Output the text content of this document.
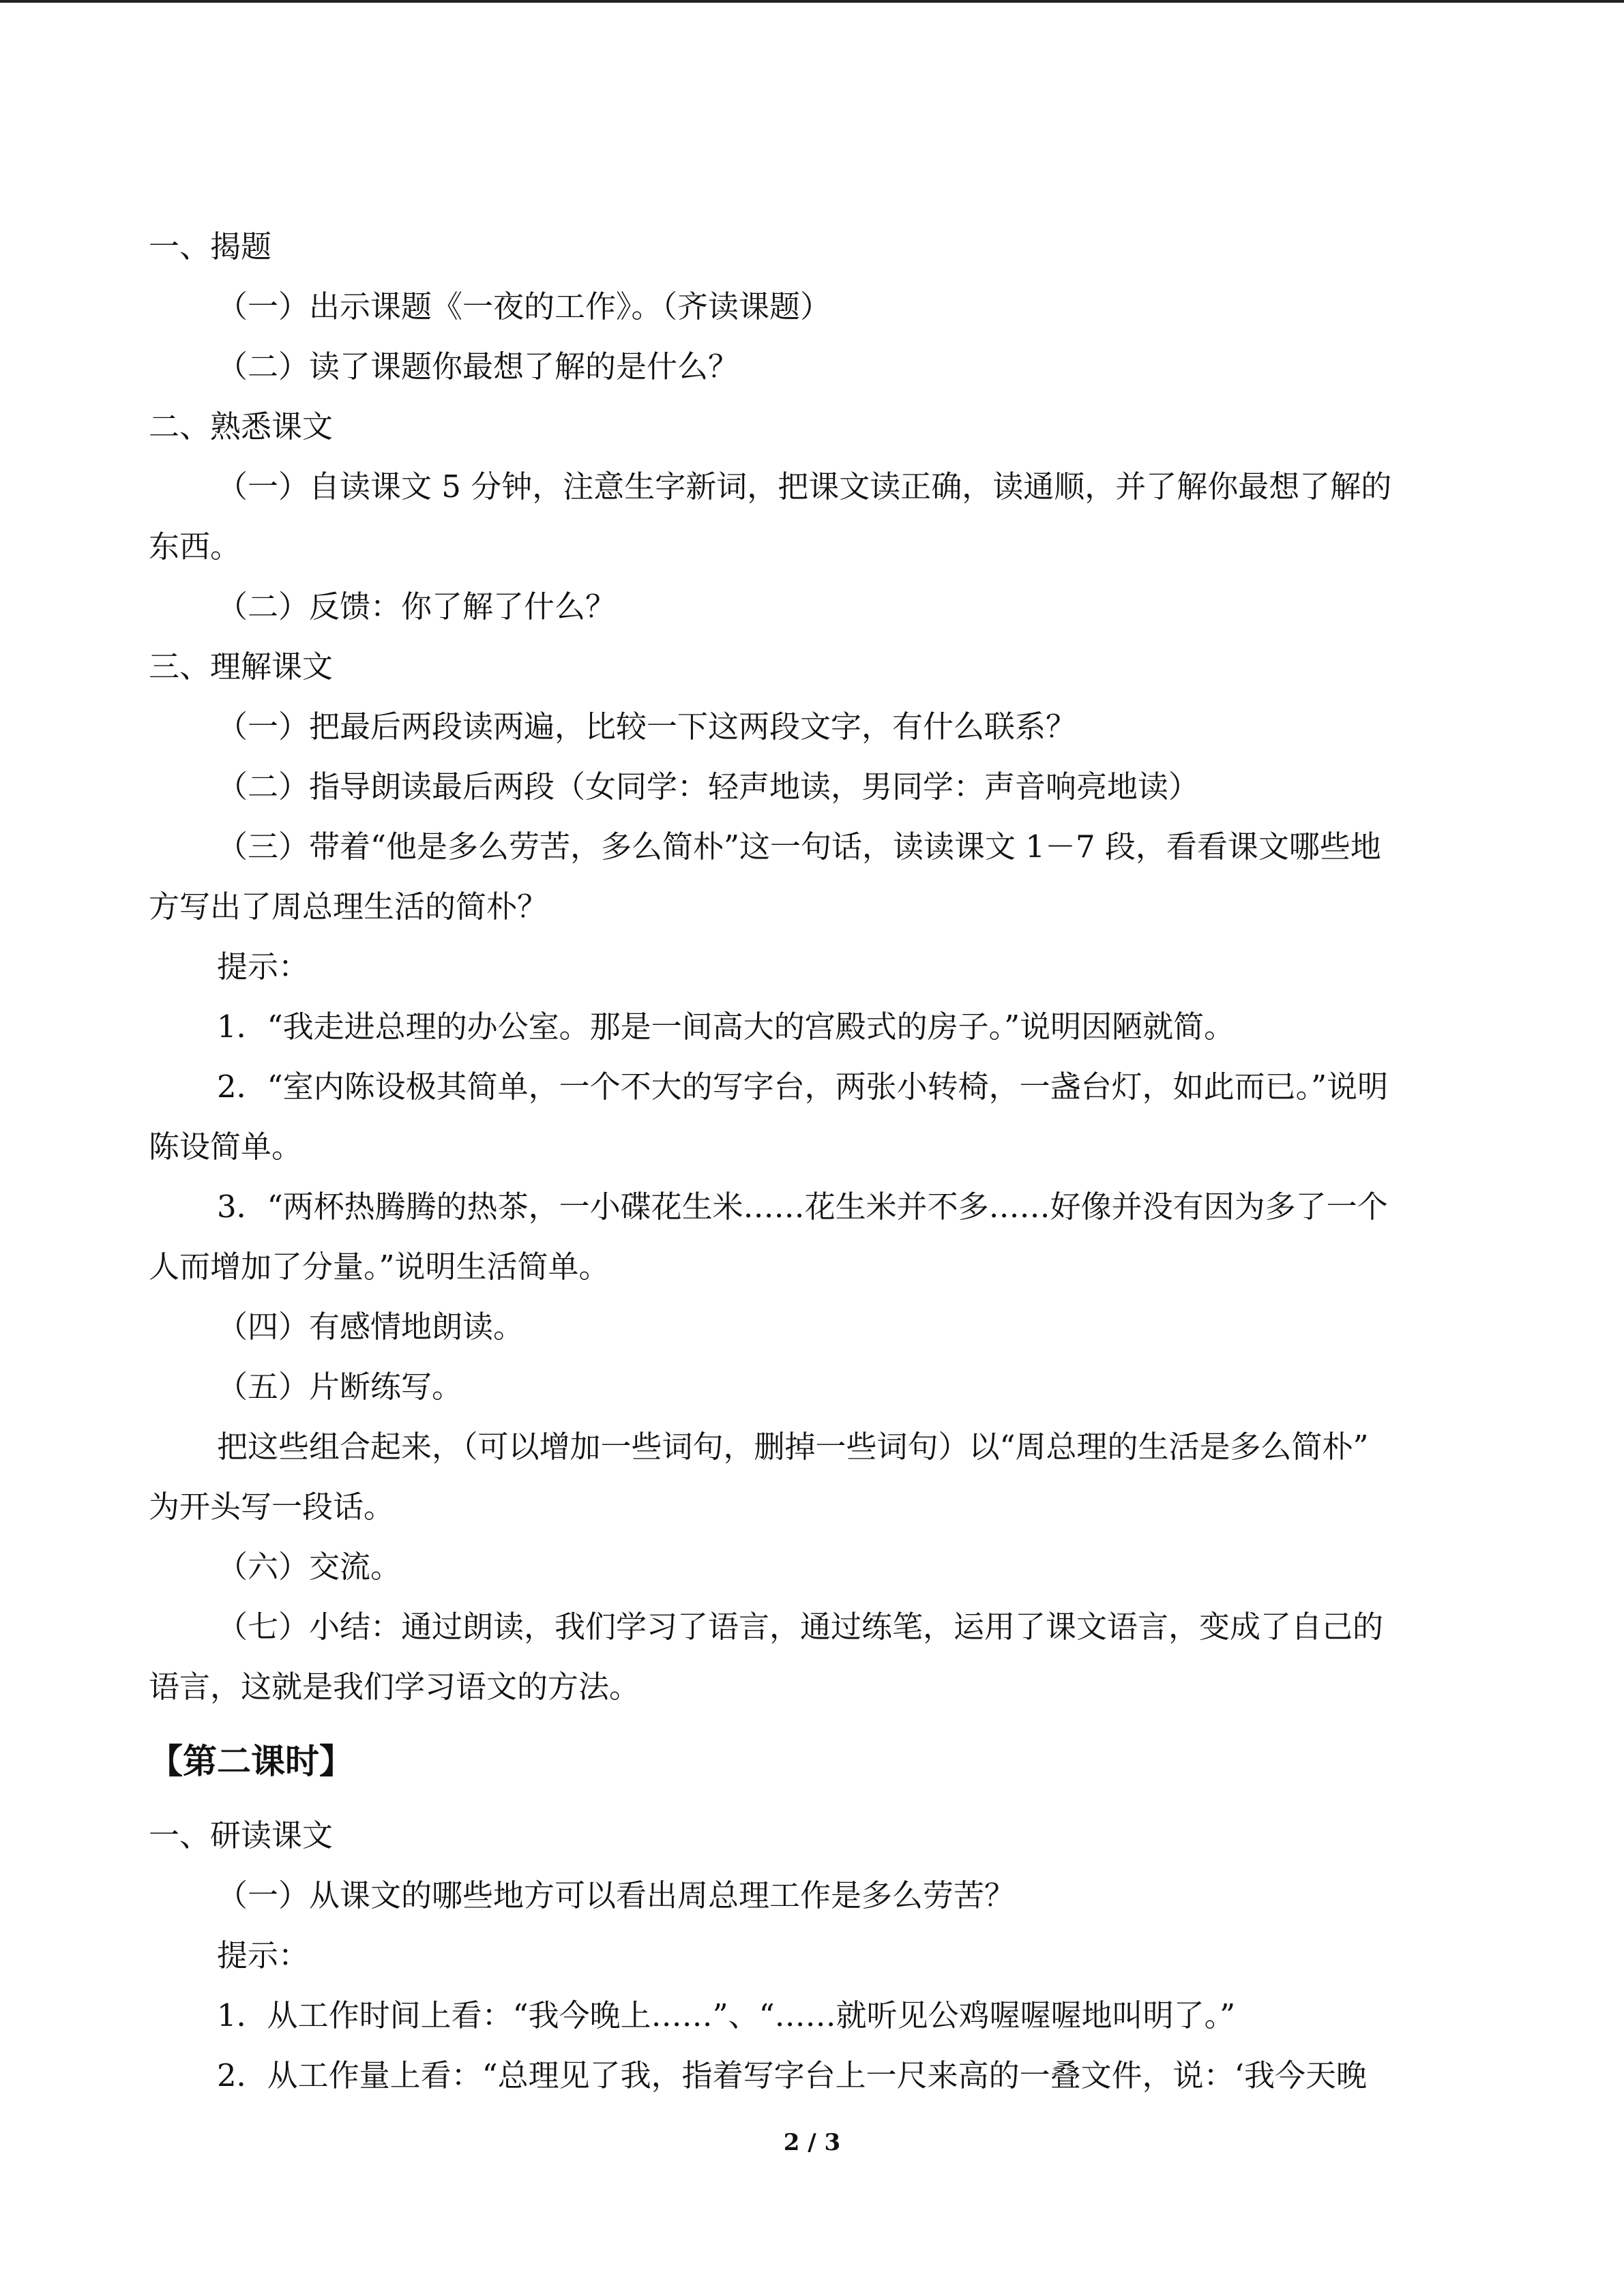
一、揭题

（一）出示课题《一夜的工作》。（齐读课题）

（二）读了课题你最想了解的是什么？

二、熟悉课文

（一）自读课文 5 分钟，注意生字新词，把课文读正确，读通顺，并了解你最想了解的

东西。

（二）反馈：你了解了什么？

三、理解课文

（一）把最后两段读两遍，比较一下这两段文字，有什么联系？

（二）指导朗读最后两段（女同学：轻声地读，男同学：声音响亮地读）

（三）带着“他是多么劳苦，多么简朴”这一句话，读读课文 1－7 段，看看课文哪些地

方写出了周总理生活的简朴？

提示：

1．“我走进总理的办公室。那是一间高大的宫殿式的房子。”说明因陋就简。

2．“室内陈设极其简单，一个不大的写字台，两张小转椅，一盏台灯，如此而已。”说明

陈设简单。

3．“两杯热腾腾的热茶，一小碟花生米……花生米并不多……好像并没有因为多了一个

人而增加了分量。”说明生活简单。

（四）有感情地朗读。

（五）片断练写。

把这些组合起来，（可以增加一些词句，删掉一些词句）以“周总理的生活是多么简朴”

为开头写一段话。

（六）交流。

（七）小结：通过朗读，我们学习了语言，通过练笔，运用了课文语言，变成了自己的

语言，这就是我们学习语文的方法。

【第二课时】

一、研读课文

（一）从课文的哪些地方可以看出周总理工作是多么劳苦？

提示：

1．从工作时间上看：“我今晚上……”、“……就听见公鸡喔喔喔地叫明了。”

2．从工作量上看：“总理见了我，指着写字台上一尺来高的一叠文件，说：‘我今天晚

2 / 3
